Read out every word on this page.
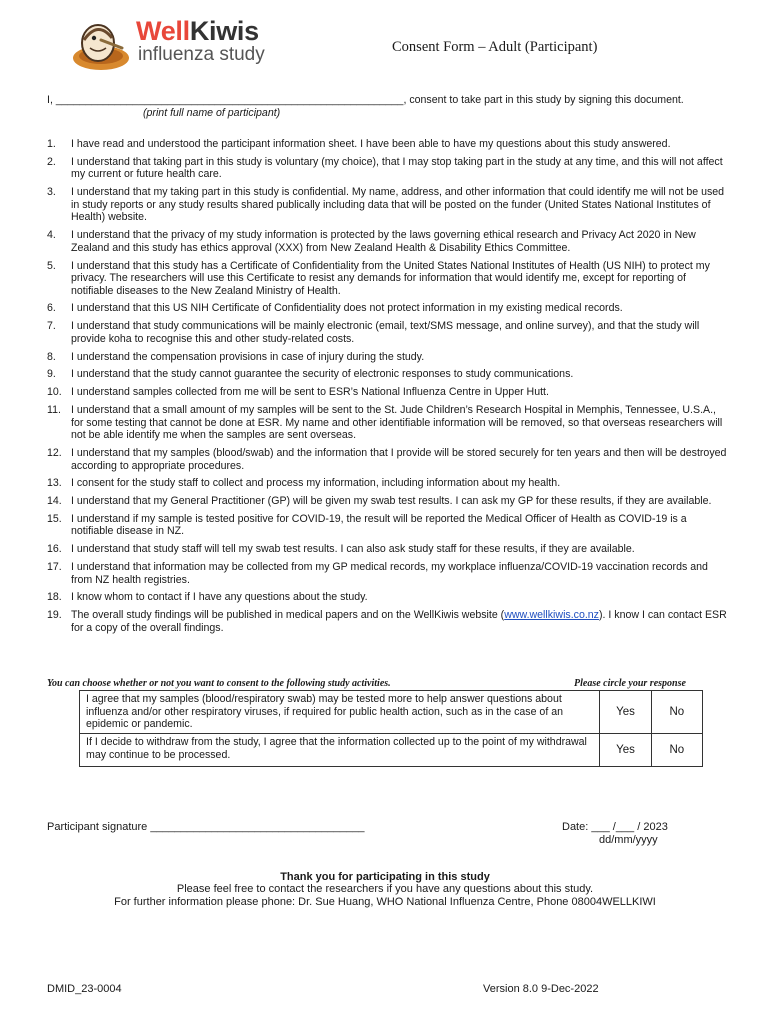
WellKiwis
influenza study	Consent Form – Adult (Participant)
I, ___________________________________________________________, consent to take part in this study by signing this document.
(print full name of participant)
1.	I have read and understood the participant information sheet. I have been able to have my questions about this study answered.
2.	I understand that taking part in this study is voluntary (my choice), that I may stop taking part in the study at any time, and this will not affect my current or future health care.
3.	I understand that my taking part in this study is confidential. My name, address, and other information that could identify me will not be used in study reports or any study results shared publically including data that will be posted on the funder (United States National Institutes of Health) website.
4.	I understand that the privacy of my study information is protected by the laws governing ethical research and Privacy Act 2020 in New Zealand and this study has ethics approval (XXX) from New Zealand Health & Disability Ethics Committee.
5.	I understand that this study has a Certificate of Confidentiality from the United States National Institutes of Health (US NIH) to protect my privacy. The researchers will use this Certificate to resist any demands for information that would identify me, except for reporting of notifiable diseases to the New Zealand Ministry of Health.
6.	I understand that this US NIH Certificate of Confidentiality does not protect information in my existing medical records.
7.	I understand that study communications will be mainly electronic (email, text/SMS message, and online survey), and that the study will provide koha to recognise this and other study-related costs.
8.	I understand the compensation provisions in case of injury during the study.
9.	I understand that the study cannot guarantee the security of electronic responses to study communications.
10. I understand samples collected from me will be sent to ESR’s National Influenza Centre in Upper Hutt.
11. I understand that a small amount of my samples will be sent to the St. Jude Children’s Research Hospital in Memphis, Tennessee, U.S.A., for some testing that cannot be done at ESR. My name and other identifiable information will be removed, so that overseas researchers will not be able identify me when the samples are sent overseas.
12. I understand that my samples (blood/swab) and the information that I provide will be stored securely for ten years and then will be destroyed according to appropriate procedures.
13. I consent for the study staff to collect and process my information, including information about my health.
14. I understand that my General Practitioner (GP) will be given my swab test results. I can ask my GP for these results, if they are available.
15. I understand if my sample is tested positive for COVID-19, the result will be reported the Medical Officer of Health as COVID-19 is a notifiable disease in NZ.
16. I understand that study staff will tell my swab test results. I can also ask study staff for these results, if they are available.
17. I understand that information may be collected from my GP medical records, my workplace influenza/COVID-19 vaccination records and from NZ health registries.
18. I know whom to contact if I have any questions about the study.
19. The overall study findings will be published in medical papers and on the WellKiwis website (www.wellkiwis.co.nz). I know I can contact ESR for a copy of the overall findings.
You can choose whether or not you want to consent to the following study activities.	Please circle your response
I agree that my samples (blood/respiratory swab) may be tested more to help answer questions about influenza and/or other respiratory viruses, if required for public health action, such as in the case of an epidemic or pandemic.	Yes	No
If I decide to withdraw from the study, I agree that the information collected up to the point of my withdrawal may continue to be processed.	Yes	No
Participant signature ___________________________________	Date: ___ /___ / 2023
dd/mm/yyyy
Thank you for participating in this study
Please feel free to contact the researchers if you have any questions about this study.
For further information please phone: Dr. Sue Huang, WHO National Influenza Centre, Phone 08004WELLKIWI
DMID_23-0004	Version 8.0 9-Dec-2022
